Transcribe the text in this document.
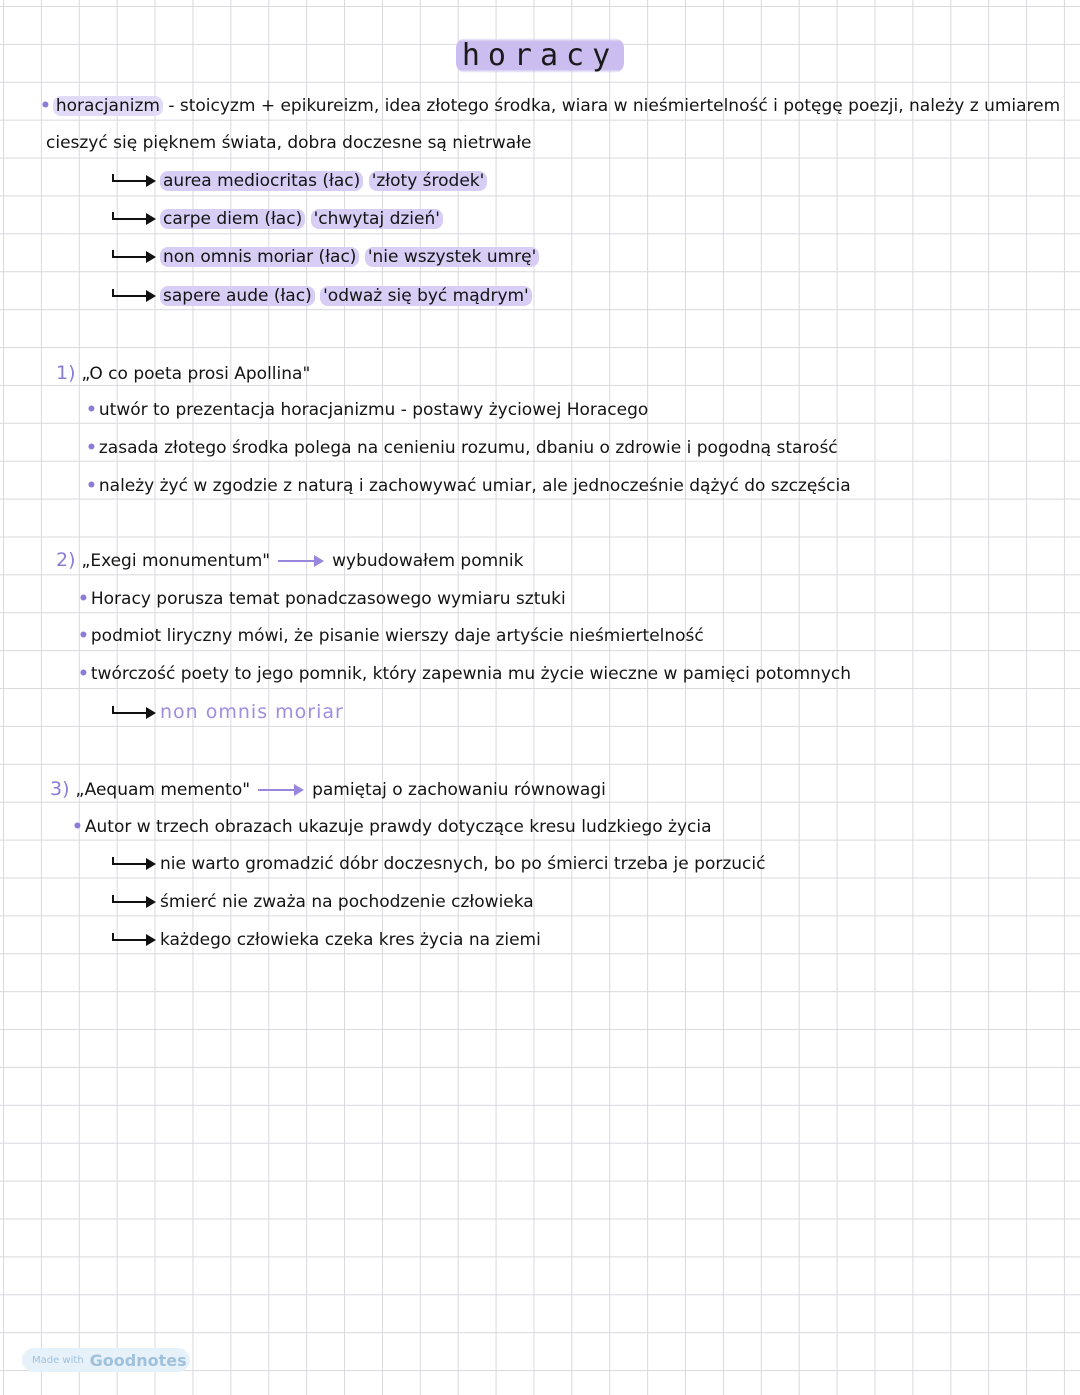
horacy
• horacjanizm - stoicyzm + epikureizm, idea złotego środka, wiara w nieśmiertelność i potęgę poezji, należy z umiarem
cieszyć się pięknem świata, dobra doczesne są nietrwałe
aurea mediocritas (łac) 'złoty środek'
carpe diem (łac) 'chwytaj dzień'
non omnis moriar (łac) 'nie wszystek umrę'
sapere aude (łac) 'odważ się być mądrym'
1) „O co poeta prosi Apollina"
• utwór to prezentacja horacjanizmu - postawy życiowej Horacego
• zasada złotego środka polega na cenieniu rozumu, dbaniu o zdrowie i pogodną starość
• należy żyć w zgodzie z naturą i zachowywać umiar, ale jednocześnie dążyć do szczęścia
2) „Exegi monumentum"	wybudowałem pomnik
• Horacy porusza temat ponadczasowego wymiaru sztuki
• podmiot liryczny mówi, że pisanie wierszy daje artyście nieśmiertelność
• twórczość poety to jego pomnik, który zapewnia mu życie wieczne w pamięci potomnych
non omnis moriar
3) „Aequam memento"	pamiętaj o zachowaniu równowagi
• Autor w trzech obrazach ukazuje prawdy dotyczące kresu ludzkiego życia
nie warto gromadzić dóbr doczesnych, bo po śmierci trzeba je porzucić
śmierć nie zważa na pochodzenie człowieka
każdego człowieka czeka kres życia na ziemi
Made with Goodnotes
